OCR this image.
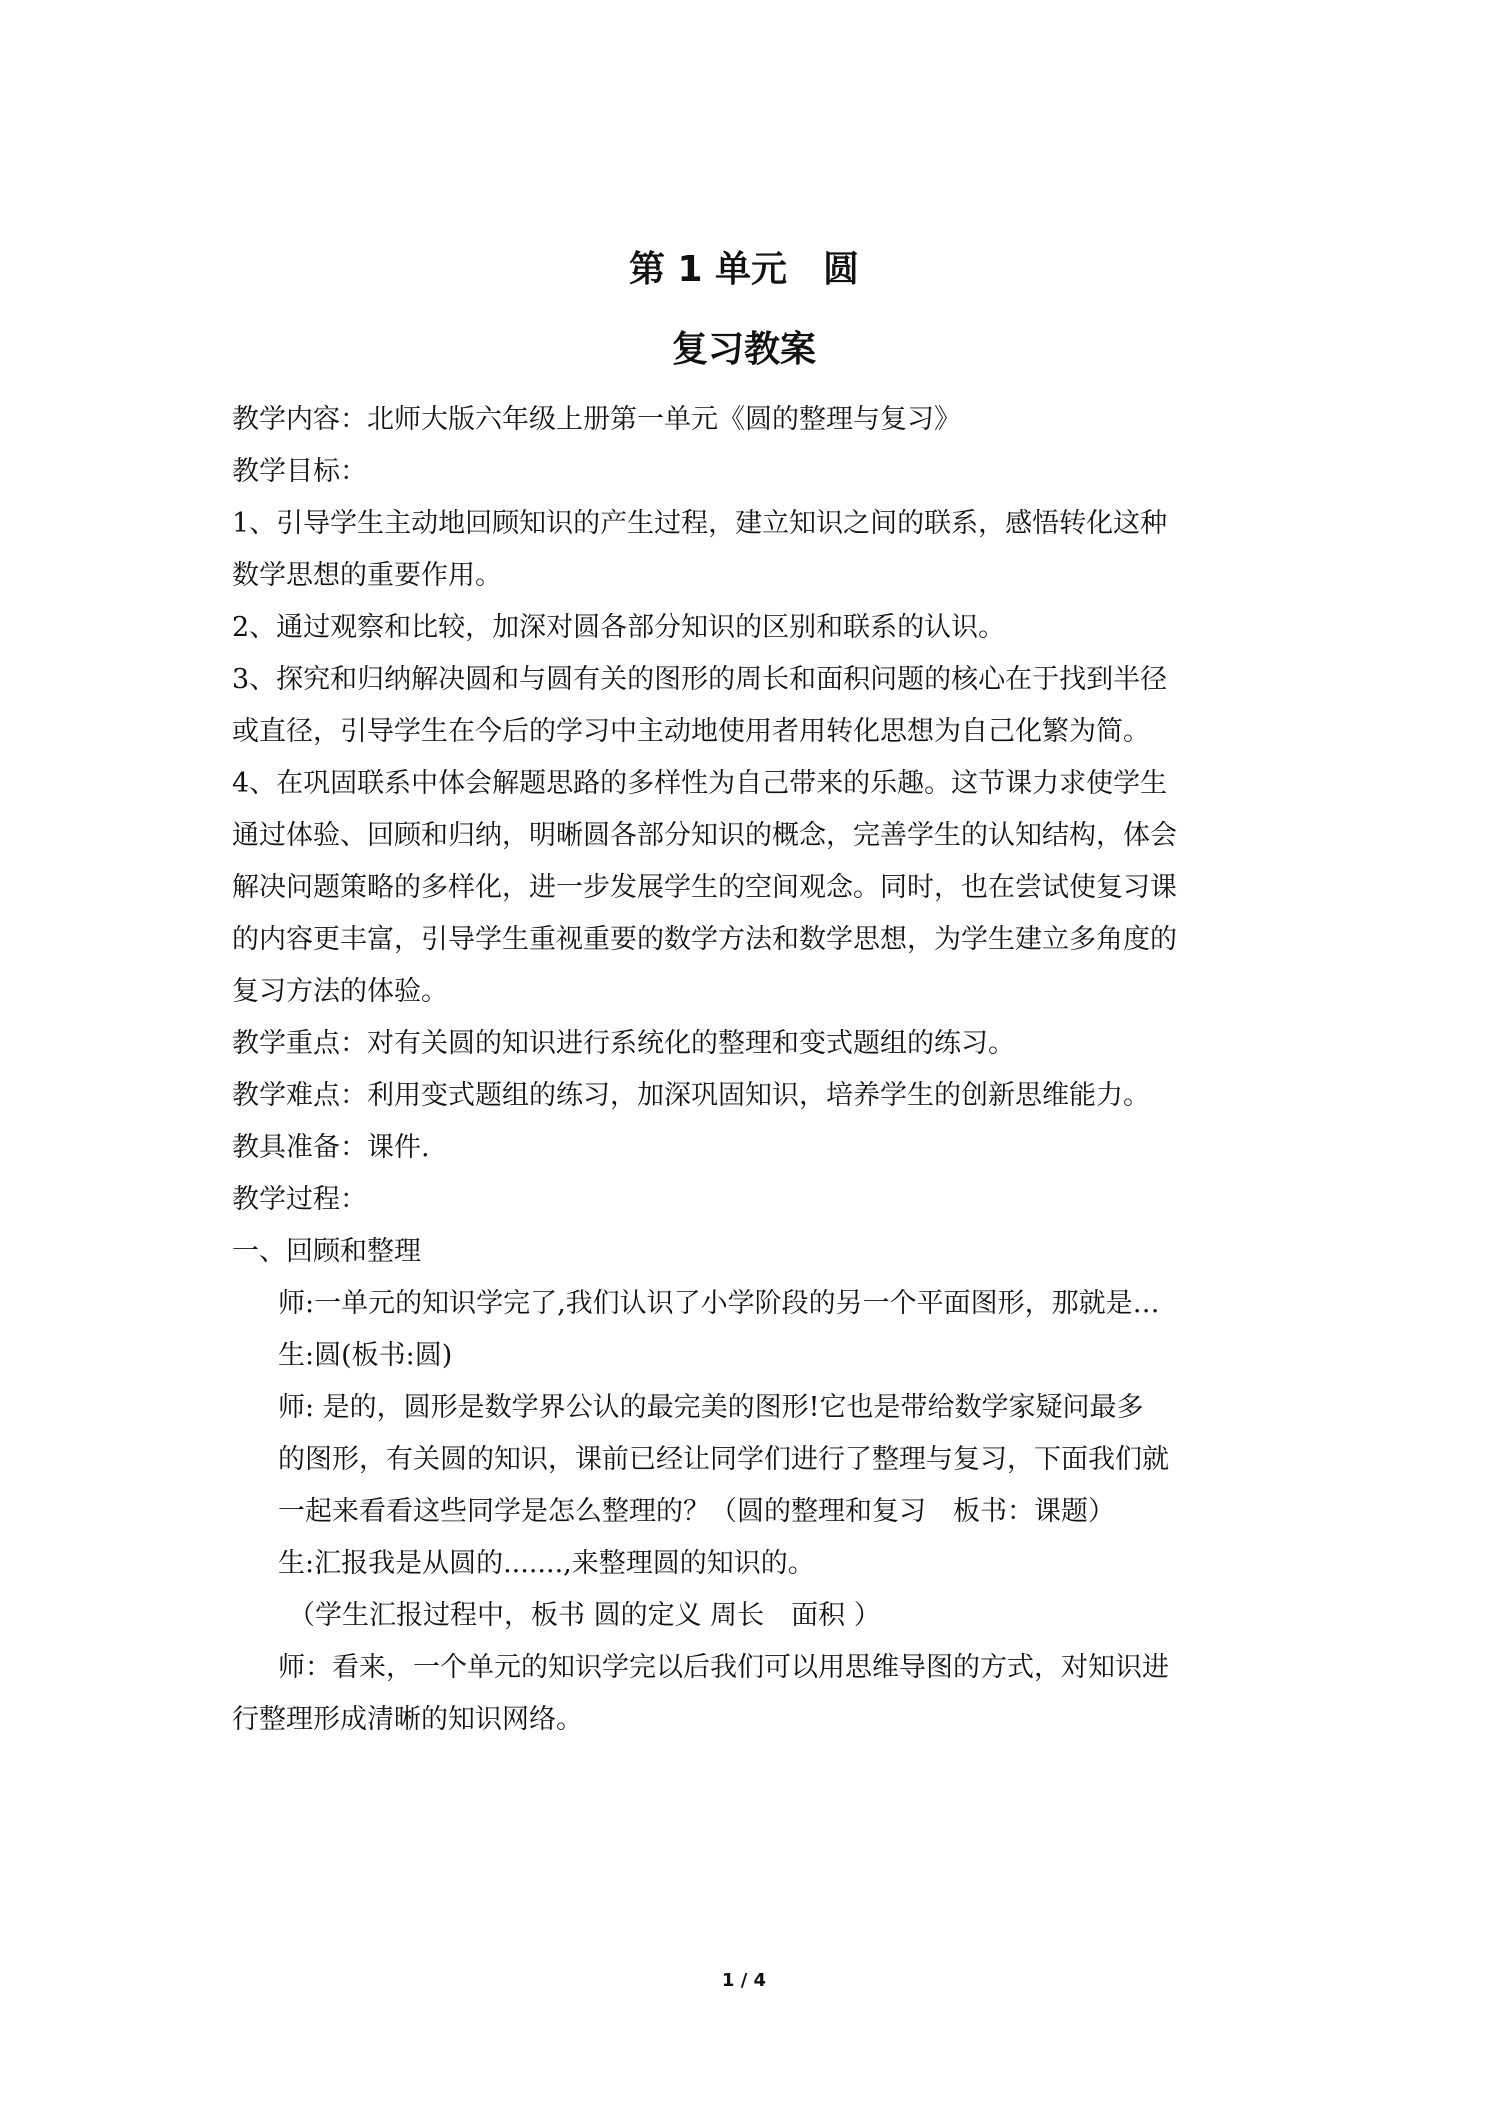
第 1 单元　圆
复习教案

教学内容：北师大版六年级上册第一单元《圆的整理与复习》

教学目标：

1、引导学生主动地回顾知识的产生过程，建立知识之间的联系，感悟转化这种

数学思想的重要作用。

2、通过观察和比较，加深对圆各部分知识的区别和联系的认识。

3、探究和归纳解决圆和与圆有关的图形的周长和面积问题的核心在于找到半径

或直径，引导学生在今后的学习中主动地使用者用转化思想为自己化繁为简。

4、在巩固联系中体会解题思路的多样性为自己带来的乐趣。这节课力求使学生

通过体验、回顾和归纳，明晰圆各部分知识的概念，完善学生的认知结构，体会

解决问题策略的多样化，进一步发展学生的空间观念。同时，也在尝试使复习课

的内容更丰富，引导学生重视重要的数学方法和数学思想，为学生建立多角度的

复习方法的体验。

教学重点：对有关圆的知识进行系统化的整理和变式题组的练习。

教学难点：利用变式题组的练习，加深巩固知识，培养学生的创新思维能力。

教具准备：课件.

教学过程：

一、回顾和整理

师:一单元的知识学完了,我们认识了小学阶段的另一个平面图形，那就是…

生:圆(板书:圆)

师: 是的，圆形是数学界公认的最完美的图形!它也是带给数学家疑问最多

的图形，有关圆的知识，课前已经让同学们进行了整理与复习，下面我们就

一起来看看这些同学是怎么整理的？（圆的整理和复习　板书：课题）

生:汇报我是从圆的.......,来整理圆的知识的。

（学生汇报过程中，板书 圆的定义 周长　面积 ）

师：看来，一个单元的知识学完以后我们可以用思维导图的方式，对知识进

行整理形成清晰的知识网络。

1 / 4
